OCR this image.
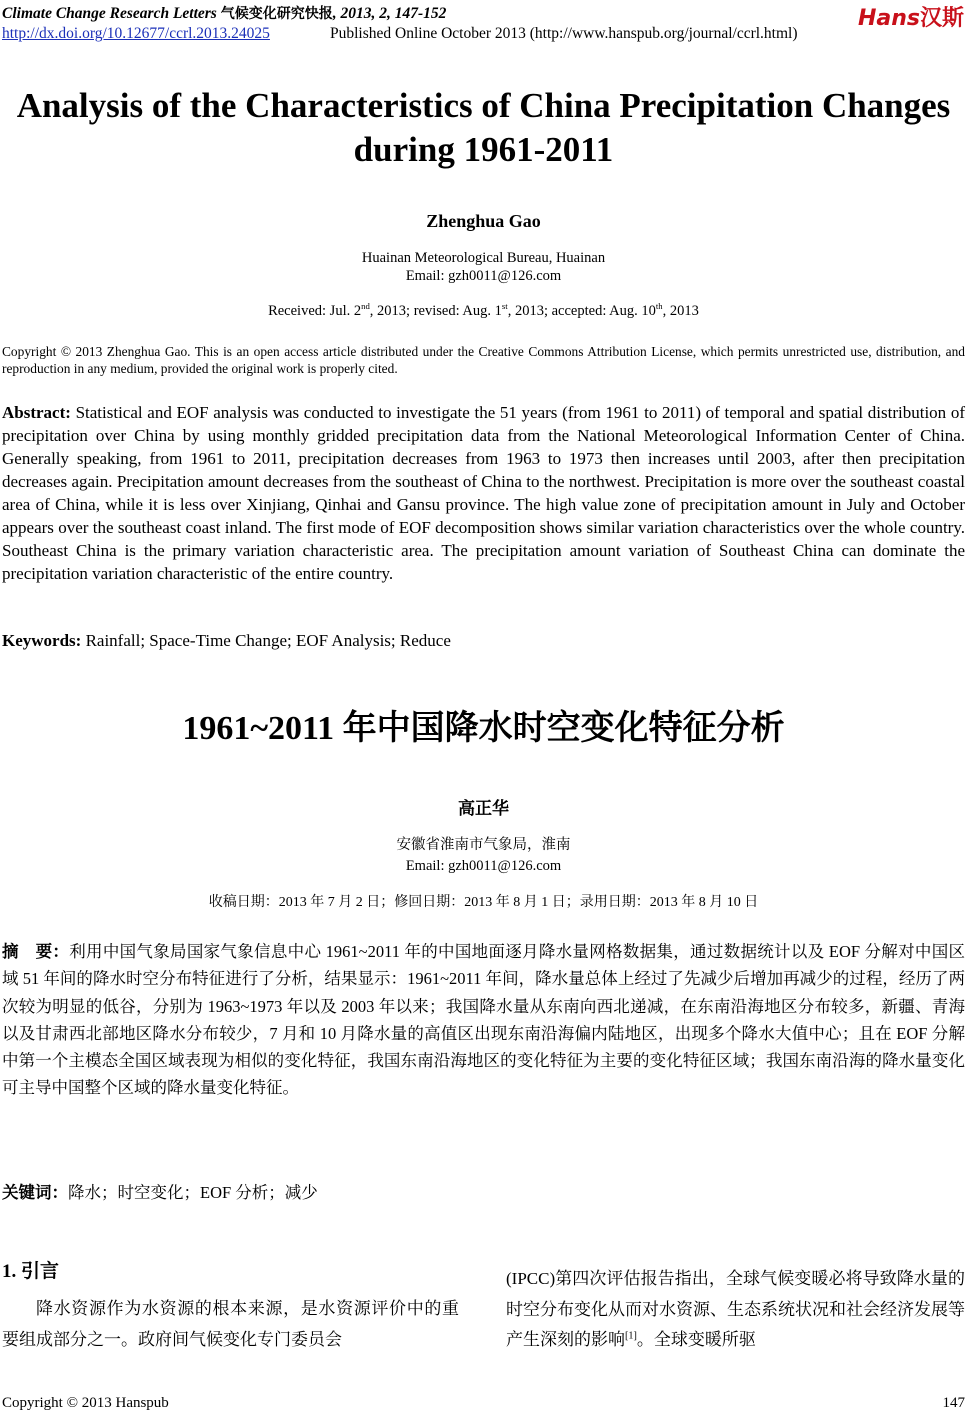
Climate Change Research Letters 气候变化研究快报, 2013, 2, 147-152
http://dx.doi.org/10.12677/ccrl.2013.24025	Published Online October 2013 (http://www.hanspub.org/journal/ccrl.html)
Hans汉斯
Analysis of the Characteristics of China Precipitation Changes during 1961-2011
Zhenghua Gao
Huainan Meteorological Bureau, Huainan
Email: gzh0011@126.com
Received: Jul. 2nd, 2013; revised: Aug. 1st, 2013; accepted: Aug. 10th, 2013
Copyright © 2013 Zhenghua Gao. This is an open access article distributed under the Creative Commons Attribution License, which permits unrestricted use, distribution, and reproduction in any medium, provided the original work is properly cited.
Abstract: Statistical and EOF analysis was conducted to investigate the 51 years (from 1961 to 2011) of temporal and spatial distribution of precipitation over China by using monthly gridded precipitation data from the National Meteorological Information Center of China. Generally speaking, from 1961 to 2011, precipitation decreases from 1963 to 1973 then increases until 2003, after then precipitation decreases again. Precipitation amount decreases from the southeast of China to the northwest. Precipitation is more over the southeast coastal area of China, while it is less over Xinjiang, Qinhai and Gansu province. The high value zone of precipitation amount in July and October appears over the southeast coast inland. The first mode of EOF decomposition shows similar variation characteristics over the whole country. Southeast China is the primary variation characteristic area. The precipitation amount variation of Southeast China can dominate the precipitation variation characteristic of the entire country.
Keywords: Rainfall; Space-Time Change; EOF Analysis; Reduce
1961~2011 年中国降水时空变化特征分析
高正华
安徽省淮南市气象局，淮南
Email: gzh0011@126.com
收稿日期：2013 年 7 月 2 日；修回日期：2013 年 8 月 1 日；录用日期：2013 年 8 月 10 日
摘　要：利用中国气象局国家气象信息中心 1961~2011 年的中国地面逐月降水量网格数据集，通过数据统计以及 EOF 分解对中国区域 51 年间的降水时空分布特征进行了分析，结果显示：1961~2011 年间，降水量总体上经过了先减少后增加再减少的过程，经历了两次较为明显的低谷，分别为 1963~1973 年以及 2003 年以来；我国降水量从东南向西北递减，在东南沿海地区分布较多，新疆、青海以及甘肃西北部地区降水分布较少，7 月和 10 月降水量的高值区出现东南沿海偏内陆地区，出现多个降水大值中心；且在 EOF 分解中第一个主模态全国区域表现为相似的变化特征，我国东南沿海地区的变化特征为主要的变化特征区域；我国东南沿海的降水量变化可主导中国整个区域的降水量变化特征。
关键词：降水；时空变化；EOF 分析；减少
1. 引言
降水资源作为水资源的根本来源，是水资源评价中的重要组成部分之一。政府间气候变化专门委员会
(IPCC)第四次评估报告指出，全球气候变暖必将导致降水量的时空分布变化从而对水资源、生态系统状况和社会经济发展等产生深刻的影响[1]。全球变暖所驱
Copyright © 2013 Hanspub	147
